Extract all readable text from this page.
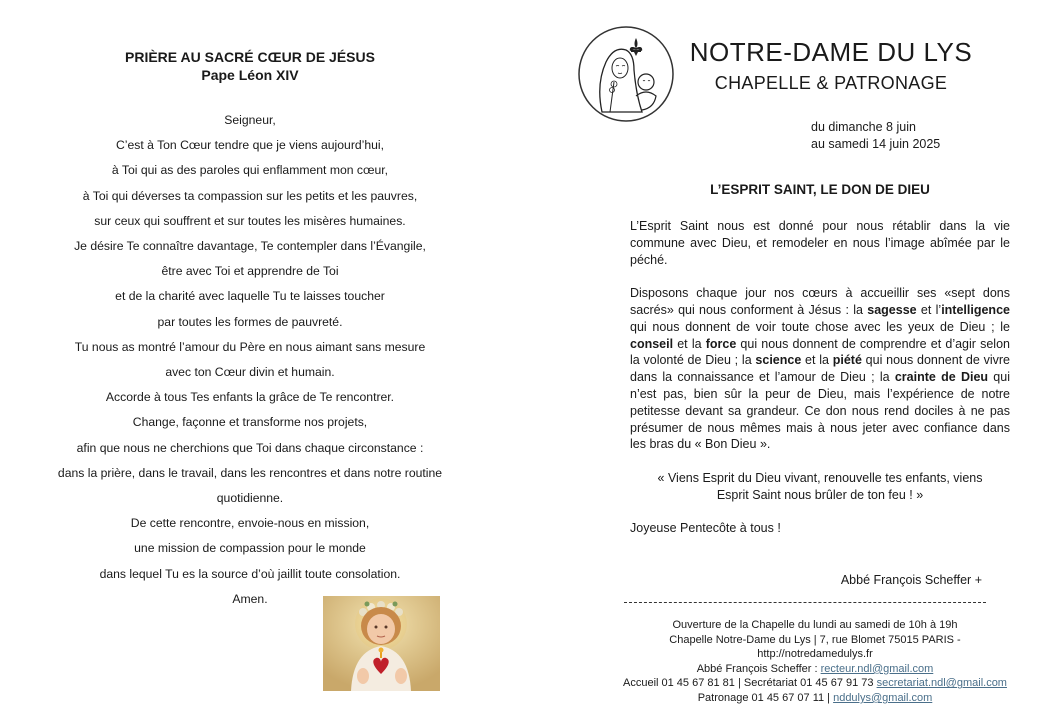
PRIÈRE AU SACRÉ CŒUR DE JÉSUS
Pape Léon XIV
Seigneur,
C’est à Ton Cœur tendre que je viens aujourd’hui,
à Toi qui as des paroles qui enflamment mon cœur,
à Toi qui déverses ta compassion sur les petits et les pauvres,
sur ceux qui souffrent et sur toutes les misères humaines.
Je désire Te connaître davantage, Te contempler dans l’Évangile,
être avec Toi et apprendre de Toi
et de la charité avec laquelle Tu te laisses toucher
par toutes les formes de pauvreté.
Tu nous as montré l’amour du Père en nous aimant sans mesure
avec ton Cœur divin et humain.
Accorde à tous Tes enfants la grâce de Te rencontrer.
Change, façonne et transforme nos projets,
afin que nous ne cherchions que Toi dans chaque circonstance :
dans la prière, dans le travail, dans les rencontres et dans notre routine
quotidienne.
De cette rencontre, envoie-nous en mission,
une mission de compassion pour le monde
dans lequel Tu es la source d’où jaillit toute consolation.
Amen.
NOTRE-DAME DU LYS
CHAPELLE & PATRONAGE
du dimanche 8 juin
au samedi 14 juin 2025
L’ESPRIT SAINT, LE DON DE DIEU

L’Esprit Saint nous est donné pour nous rétablir dans la vie commune avec Dieu, et remodeler en nous l’image abîmée par le péché.

Disposons chaque jour nos cœurs à accueillir ses «sept dons sacrés» qui nous conforment à Jésus : la sagesse et l’intelligence qui nous donnent de voir toute chose avec les yeux de Dieu ; le conseil et la force qui nous donnent de comprendre et d’agir selon la volonté de Dieu ; la science et la piété qui nous donnent de vivre dans la connaissance et l’amour de Dieu ; la crainte de Dieu qui n’est pas, bien sûr la peur de Dieu, mais l’expérience de notre petitesse devant sa grandeur. Ce don nous rend dociles à ne pas présumer de nous mêmes mais à nous jeter avec confiance dans les bras du « Bon Dieu ».

« Viens Esprit du Dieu vivant, renouvelle tes enfants, viens
Esprit Saint nous brûler de ton feu ! »

Joyeuse Pentecôte à tous !

Abbé François Scheffer +
Ouverture de la Chapelle du lundi au samedi de 10h à 19h
Chapelle Notre-Dame du Lys | 7, rue Blomet 75015 PARIS -
http://notredamedulys.fr
Abbé François Scheffer : recteur.ndl@gmail.com
Accueil 01 45 67 81 81 | Secrétariat 01 45 67 91 73 secretariat.ndl@gmail.com
Patronage 01 45 67 07 11 | nddulys@gmail.com
